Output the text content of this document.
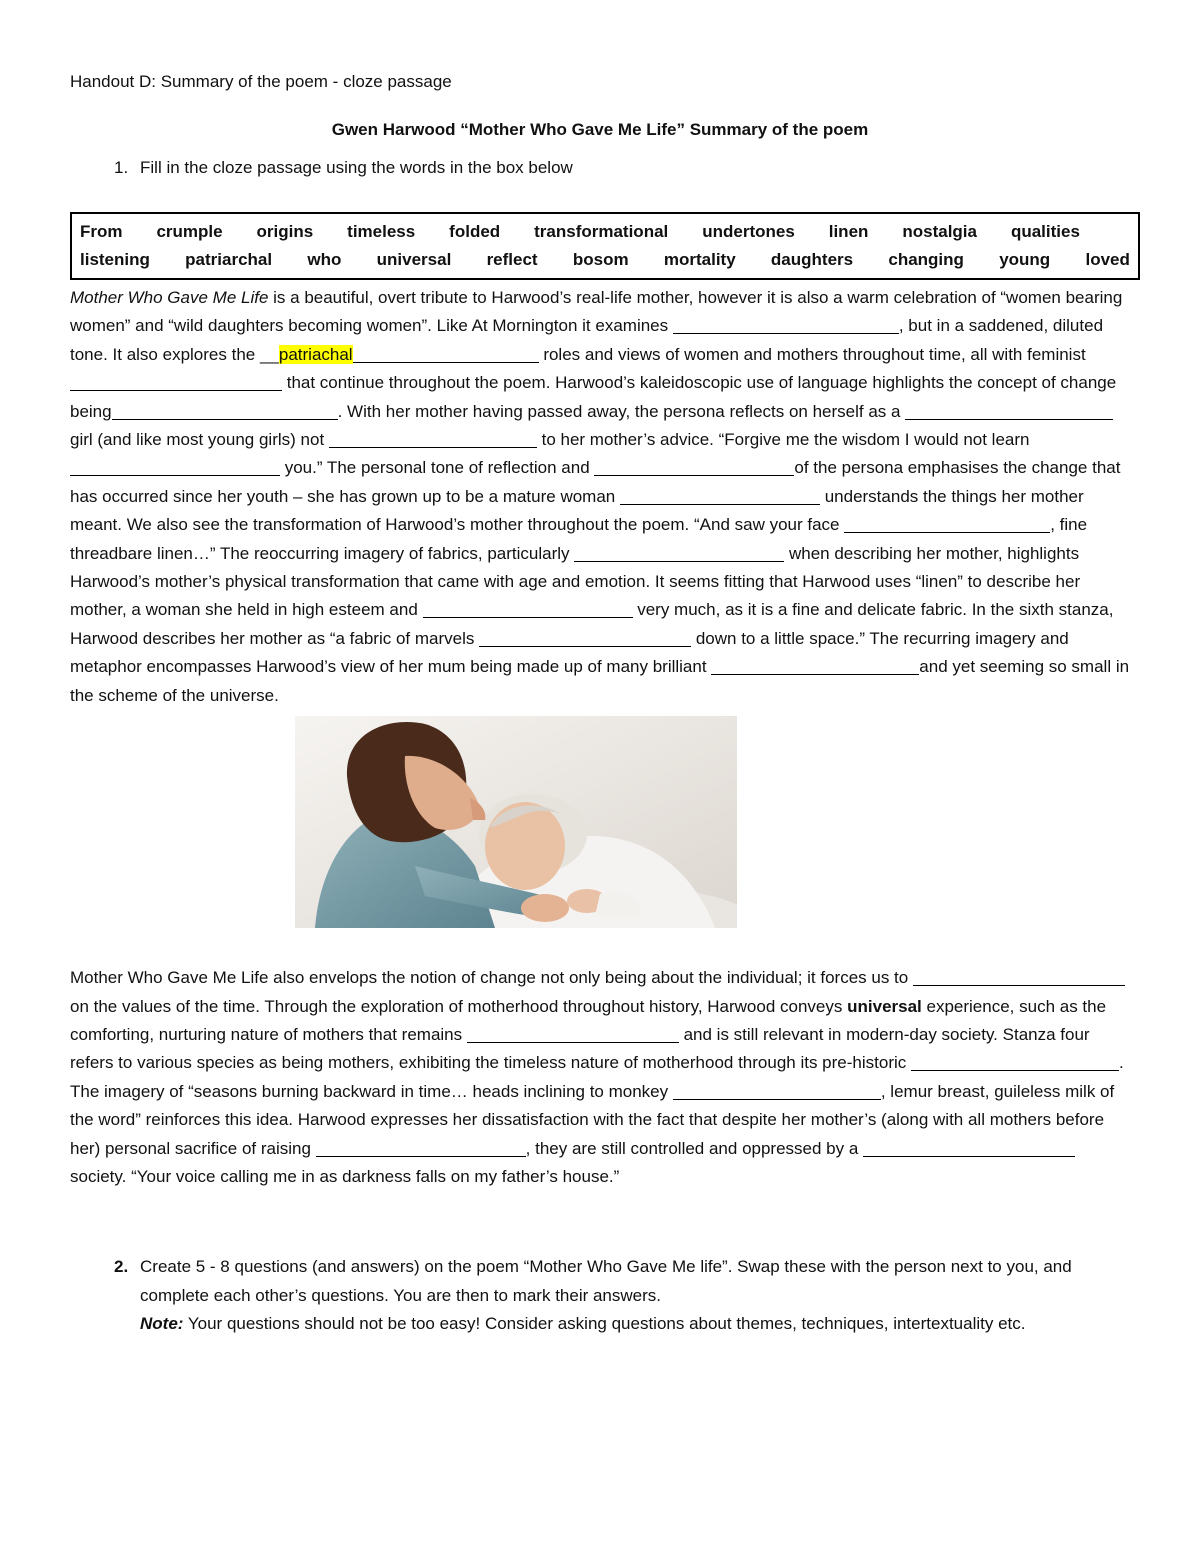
Handout D: Summary of the poem - cloze passage

Gwen Harwood “Mother Who Gave Me Life” Summary of the poem

1. Fill in the cloze passage using the words in the box below
From crumple origins timeless folded transformational undertones linen nostalgia qualities
listening patriarchal who universal reflect bosom mortality daughters changing young loved

Mother Who Gave Me Life is a beautiful, overt tribute to Harwood’s real-life mother, however it is also a warm celebration of “women bearing women” and “wild daughters becoming women”. Like At Mornington it examines	, but in a saddened, diluted tone. It also explores the __patriachal	roles and views of women and mothers throughout time, all with feminist  that continue throughout the poem. Harwood’s kaleidoscopic use of language highlights the concept of change being	. With her mother having passed away, the persona reflects on herself as a  girl (and like most young girls) not	to her mother’s advice. “Forgive me the wisdom I would not learn  you.” The personal tone of reflection and	of the persona emphasises the change that has occurred since her youth – she has grown up to be a mature woman	understands the things her mother meant. We also see the transformation of Harwood’s mother throughout the poem. “And saw your face	, fine threadbare linen…” The reoccurring imagery of fabrics, particularly	when describing her mother, highlights Harwood’s mother’s physical transformation that came with age and emotion. It seems fitting that Harwood uses “linen” to describe her mother, a woman she held in high esteem and	very much, as it is a fine and delicate fabric. In the sixth stanza, Harwood describes her mother as “a fabric of marvels	down to a little space.” The recurring imagery and metaphor encompasses Harwood’s view of her mum being made up of many brilliant	and yet seeming so small in the scheme of the universe.

Mother Who Gave Me Life also envelops the notion of change not only being about the individual; it forces us to  on the values of the time. Through the exploration of motherhood throughout history, Harwood conveys universal experience, such as the comforting, nurturing nature of mothers that remains	and is still relevant in modern-day society. Stanza four refers to various species as being mothers, exhibiting the timeless nature of motherhood through its pre-historic	. The imagery of “seasons burning backward in time… heads inclining to monkey	, lemur breast, guileless milk of the word” reinforces this idea. Harwood expresses her dissatisfaction with the fact that despite her mother’s (along with all mothers before her) personal sacrifice of raising	, they are still controlled and oppressed by a  society. “Your voice calling me in as darkness falls on my father’s house.”

2. Create 5 - 8 questions (and answers) on the poem “Mother Who Gave Me life”. Swap these with the person next to you, and complete each other’s questions. You are then to mark their answers.
Note: Your questions should not be too easy! Consider asking questions about themes, techniques, intertextuality etc.
